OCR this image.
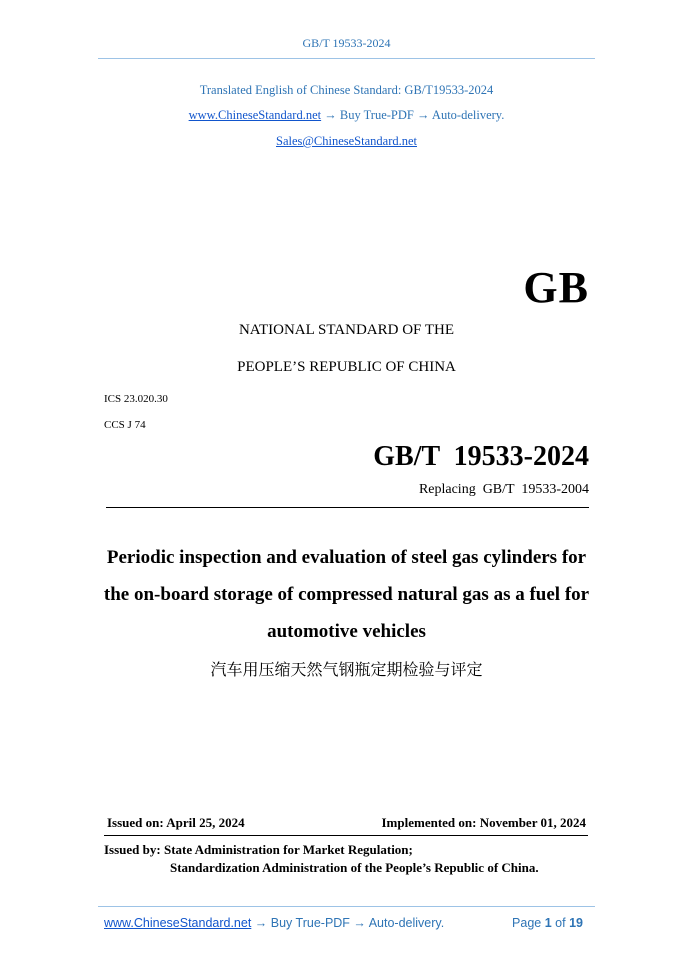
GB/T 19533-2024
Translated English of Chinese Standard: GB/T19533-2024
www.ChineseStandard.net → Buy True-PDF → Auto-delivery.
Sales@ChineseStandard.net
GB
NATIONAL STANDARD OF THE
PEOPLE’S REPUBLIC OF CHINA
ICS 23.020.30
CCS J 74
GB/T  19533-2024
Replacing  GB/T  19533-2004
Periodic inspection and evaluation of steel gas cylinders for
the on-board storage of compressed natural gas as a fuel for
automotive vehicles
汽车用压缩天然气钢瓶定期检验与评定
Issued on: April 25, 2024	Implemented on: November 01, 2024
Issued by: State Administration for Market Regulation;
Standardization Administration of the People’s Republic of China.
www.ChineseStandard.net → Buy True-PDF → Auto-delivery.	Page 1 of 19
